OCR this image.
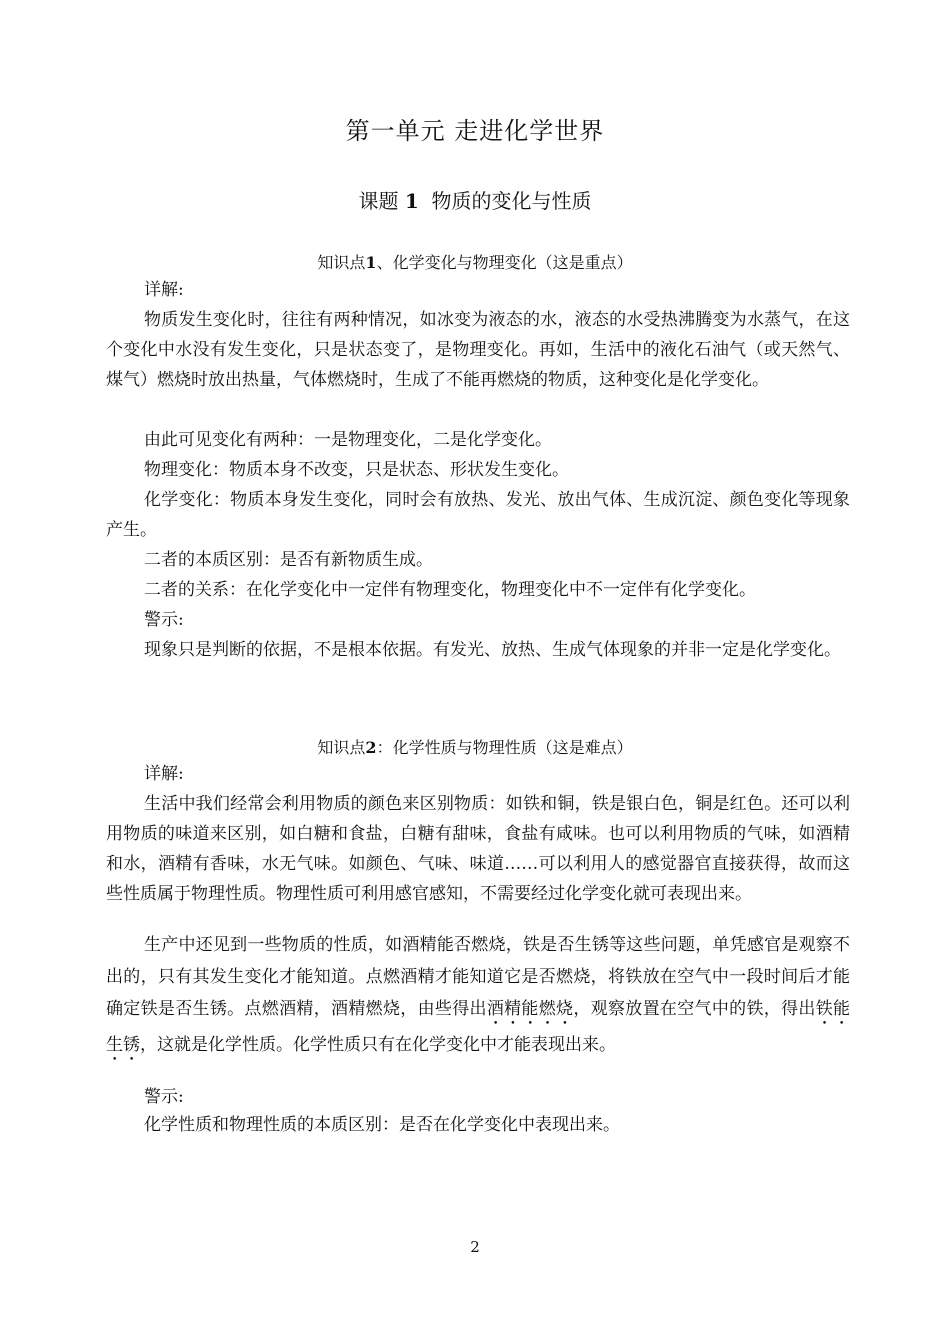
第一单元 走进化学世界
课题 1 物质的变化与性质
知识点1、化学变化与物理变化（这是重点）
详解:

物质发生变化时，往往有两种情况，如冰变为液态的水，液态的水受热沸腾变为水蒸气，在这个变化中水没有发生变化，只是状态变了，是物理变化。再如，生活中的液化石油气（或天然气、煤气）燃烧时放出热量，气体燃烧时，生成了不能再燃烧的物质，这种变化是化学变化。

由此可见变化有两种：一是物理变化，二是化学变化。

物理变化：物质本身不改变，只是状态、形状发生变化。

化学变化：物质本身发生变化，同时会有放热、发光、放出气体、生成沉淀、颜色变化等现象产生。

二者的本质区别：是否有新物质生成。

二者的关系：在化学变化中一定伴有物理变化，物理变化中不一定伴有化学变化。

警示:

现象只是判断的依据，不是根本依据。有发光、放热、生成气体现象的并非一定是化学变化。

知识点2：化学性质与物理性质（这是难点）
详解:

生活中我们经常会利用物质的颜色来区别物质：如铁和铜，铁是银白色，铜是红色。还可以利用物质的味道来区别，如白糖和食盐，白糖有甜味，食盐有咸味。也可以利用物质的气味，如酒精和水，酒精有香味，水无气味。如颜色、气味、味道……可以利用人的感觉器官直接获得，故而这些性质属于物理性质。物理性质可利用感官感知，不需要经过化学变化就可表现出来。

生产中还见到一些物质的性质，如酒精能否燃烧，铁是否生锈等这些问题，单凭感官是观察不出的，只有其发生变化才能知道。点燃酒精才能知道它是否燃烧，将铁放在空气中一段时间后才能确定铁是否生锈。点燃酒精，酒精燃烧，由些得出酒精能燃烧，观察放置在空气中的铁，得出铁能生锈，这就是化学性质。化学性质只有在化学变化中才能表现出来。

警示:

化学性质和物理性质的本质区别：是否在化学变化中表现出来。

2
